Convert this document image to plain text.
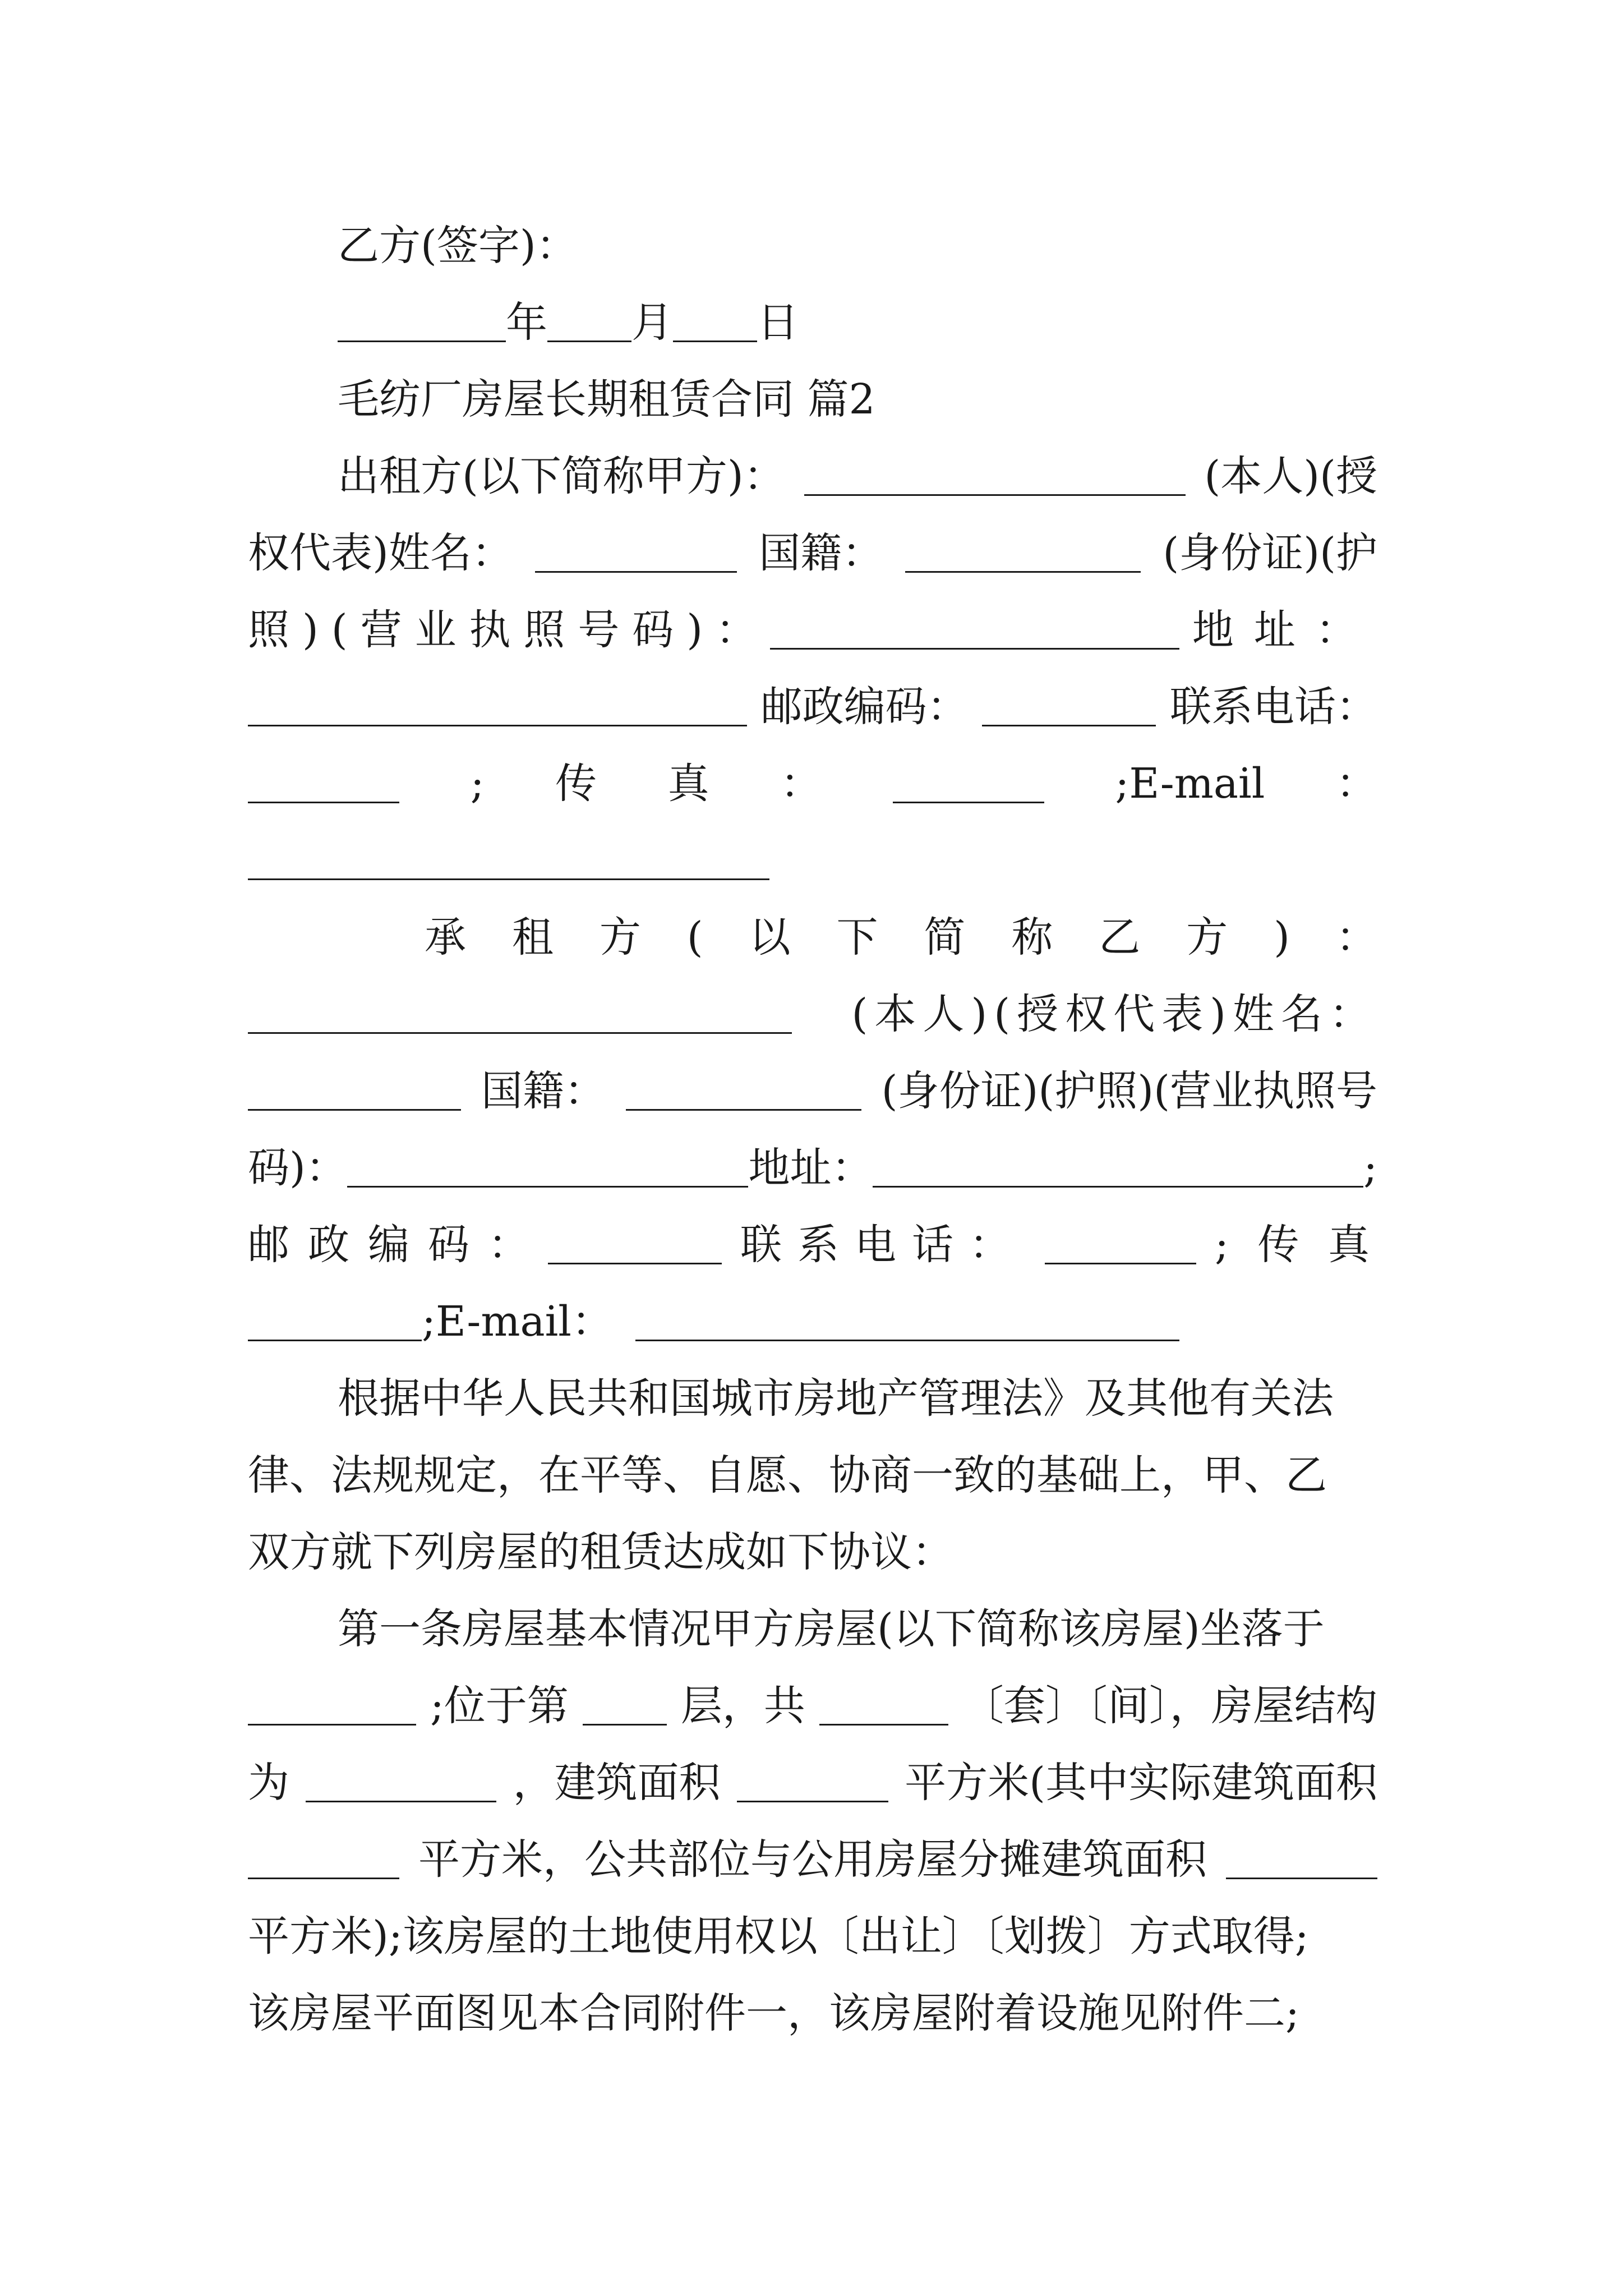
乙方(签字)：
年 月 日
毛纺厂房屋长期租赁合同 篇2
出租方(以下简称甲方)：	(本人)(授
权代表)姓名：	国籍：	(身份证)(护
照 ) ( 营 业 执 照 号 码 ) ：	地址：
邮政编码：	联系电话：
; 传 真 ：	;E-mail ：
承 租 方 ( 以 下 简 称 乙 方 ) ：
(本人)(授权代表)姓名：
国籍：	(身份证)(护照)(营业执照号
码)：	地址：	;
邮 政 编 码 ：	联系电话：	; 传 真
;E-mail：
根据中华人民共和国城市房地产管理法》及其他有关法
律、法规规定，在平等、自愿、协商一致的基础上，甲、乙
双方就下列房屋的租赁达成如下协议：
第一条房屋基本情况甲方房屋(以下简称该房屋)坐落于
;位于第	层，共	〔套〕〔间〕，房屋结构
为	，建筑面积	平方米(其中实际建筑面积
平方米，公共部位与公用房屋分摊建筑面积
平方米);该房屋的土地使用权以〔出让〕〔划拨〕方式取得;
该房屋平面图见本合同附件一，该房屋附着设施见附件二;
